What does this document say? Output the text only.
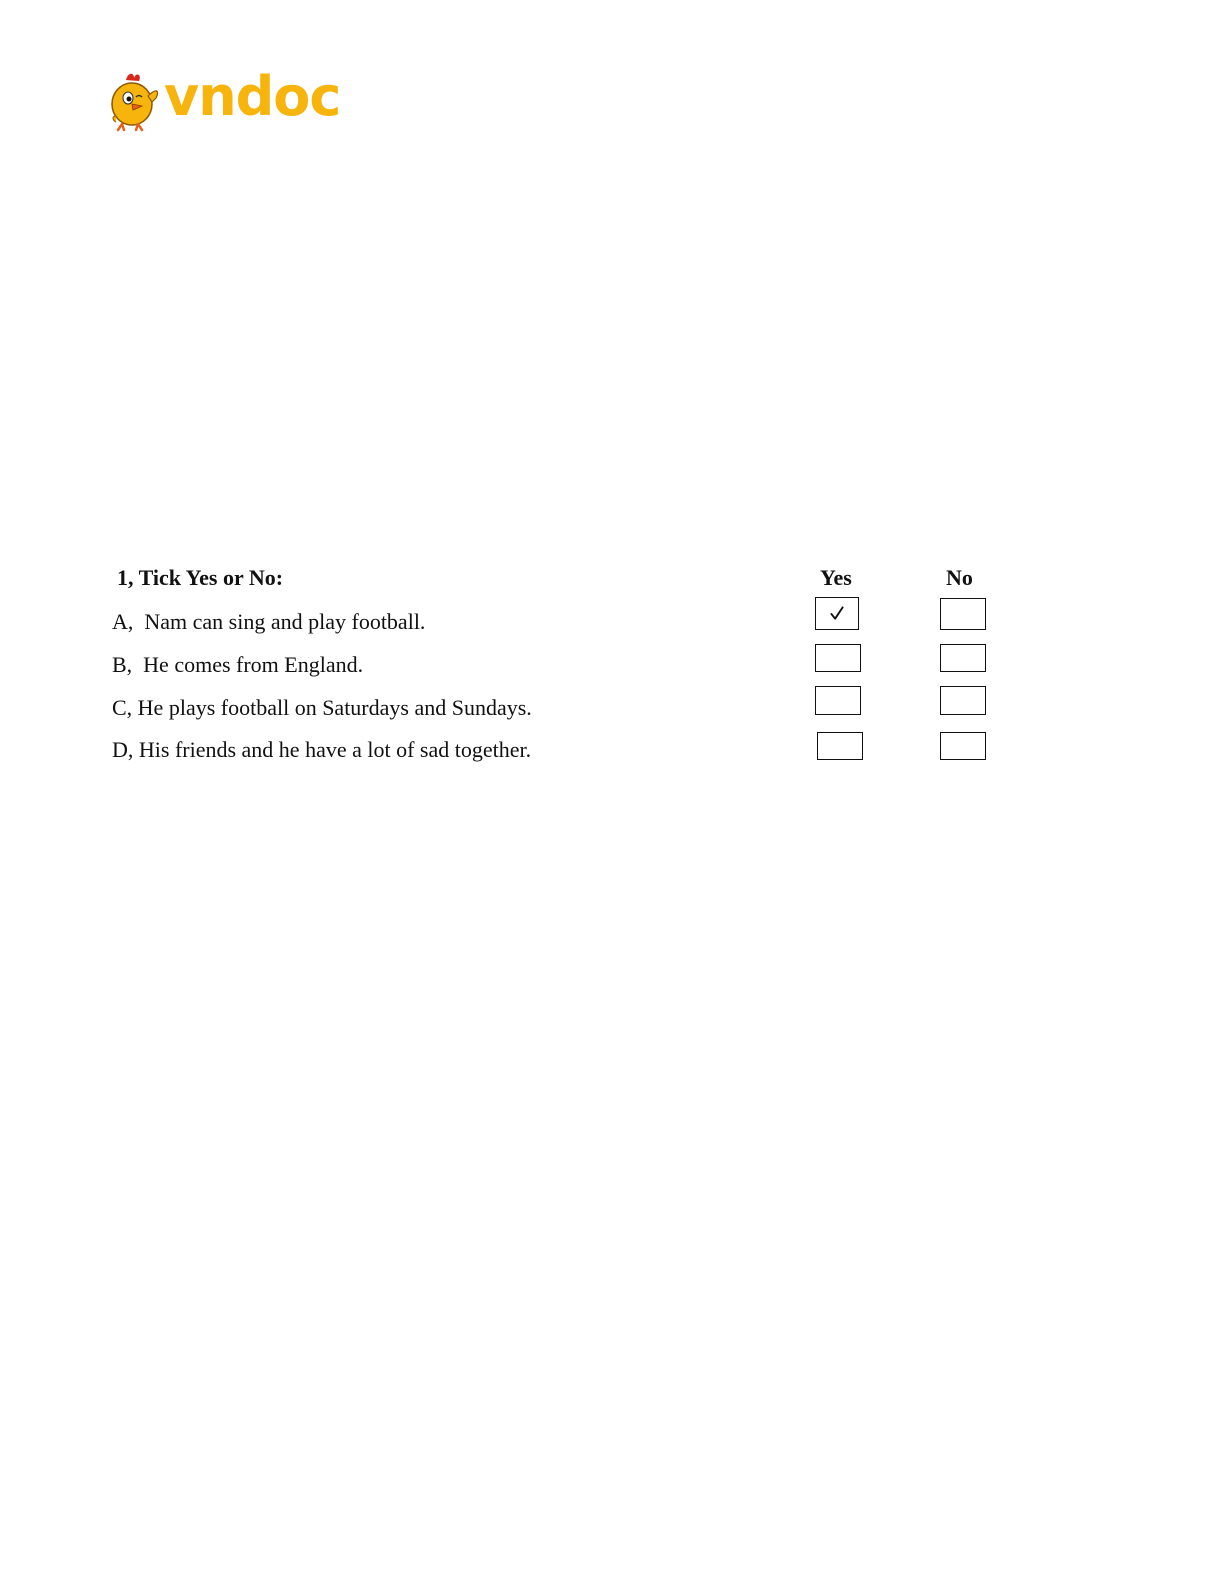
vndoc
1, Tick Yes or No:	Yes	No
A,  Nam can sing and play football.
B,  He comes from England.
C, He plays football on Saturdays and Sundays.
D, His friends and he have a lot of sad together.
